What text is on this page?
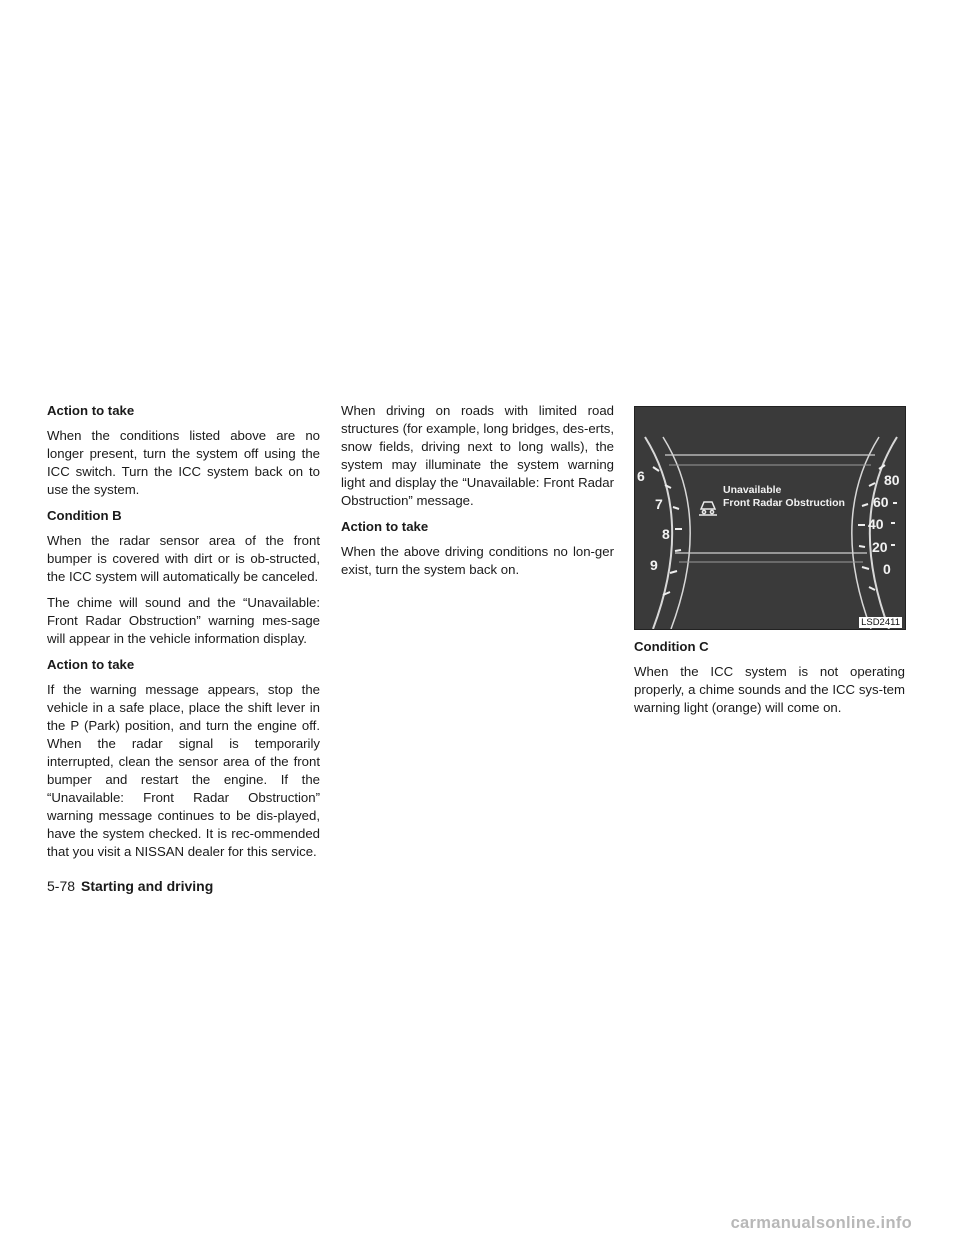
Action to take

When the conditions listed above are no longer present, turn the system off using the ICC switch. Turn the ICC system back on to use the system.

Condition B

When the radar sensor area of the front bumper is covered with dirt or is ob-structed, the ICC system will automatically be canceled.

The chime will sound and the “Unavailable: Front Radar Obstruction” warning mes-sage will appear in the vehicle information display.

Action to take

If the warning message appears, stop the vehicle in a safe place, place the shift lever in the P (Park) position, and turn the engine off. When the radar signal is temporarily interrupted, clean the sensor area of the front bumper and restart the engine. If the “Unavailable: Front Radar Obstruction” warning message continues to be dis-played, have the system checked. It is rec-ommended that you visit a NISSAN dealer for this service.

When driving on roads with limited road structures (for example, long bridges, des-erts, snow fields, driving next to long walls), the system may illuminate the system warning light and display the “Unavailable: Front Radar Obstruction” message.

Action to take

When the above driving conditions no lon-ger exist, turn the system back on.

6
7
8
9
80
60
40
20
0
Unavailable
Front Radar Obstruction
LSD2411
Condition C

When the ICC system is not operating properly, a chime sounds and the ICC sys-tem warning light (orange) will come on.

5-78 Starting and driving
carmanualsonline.info
